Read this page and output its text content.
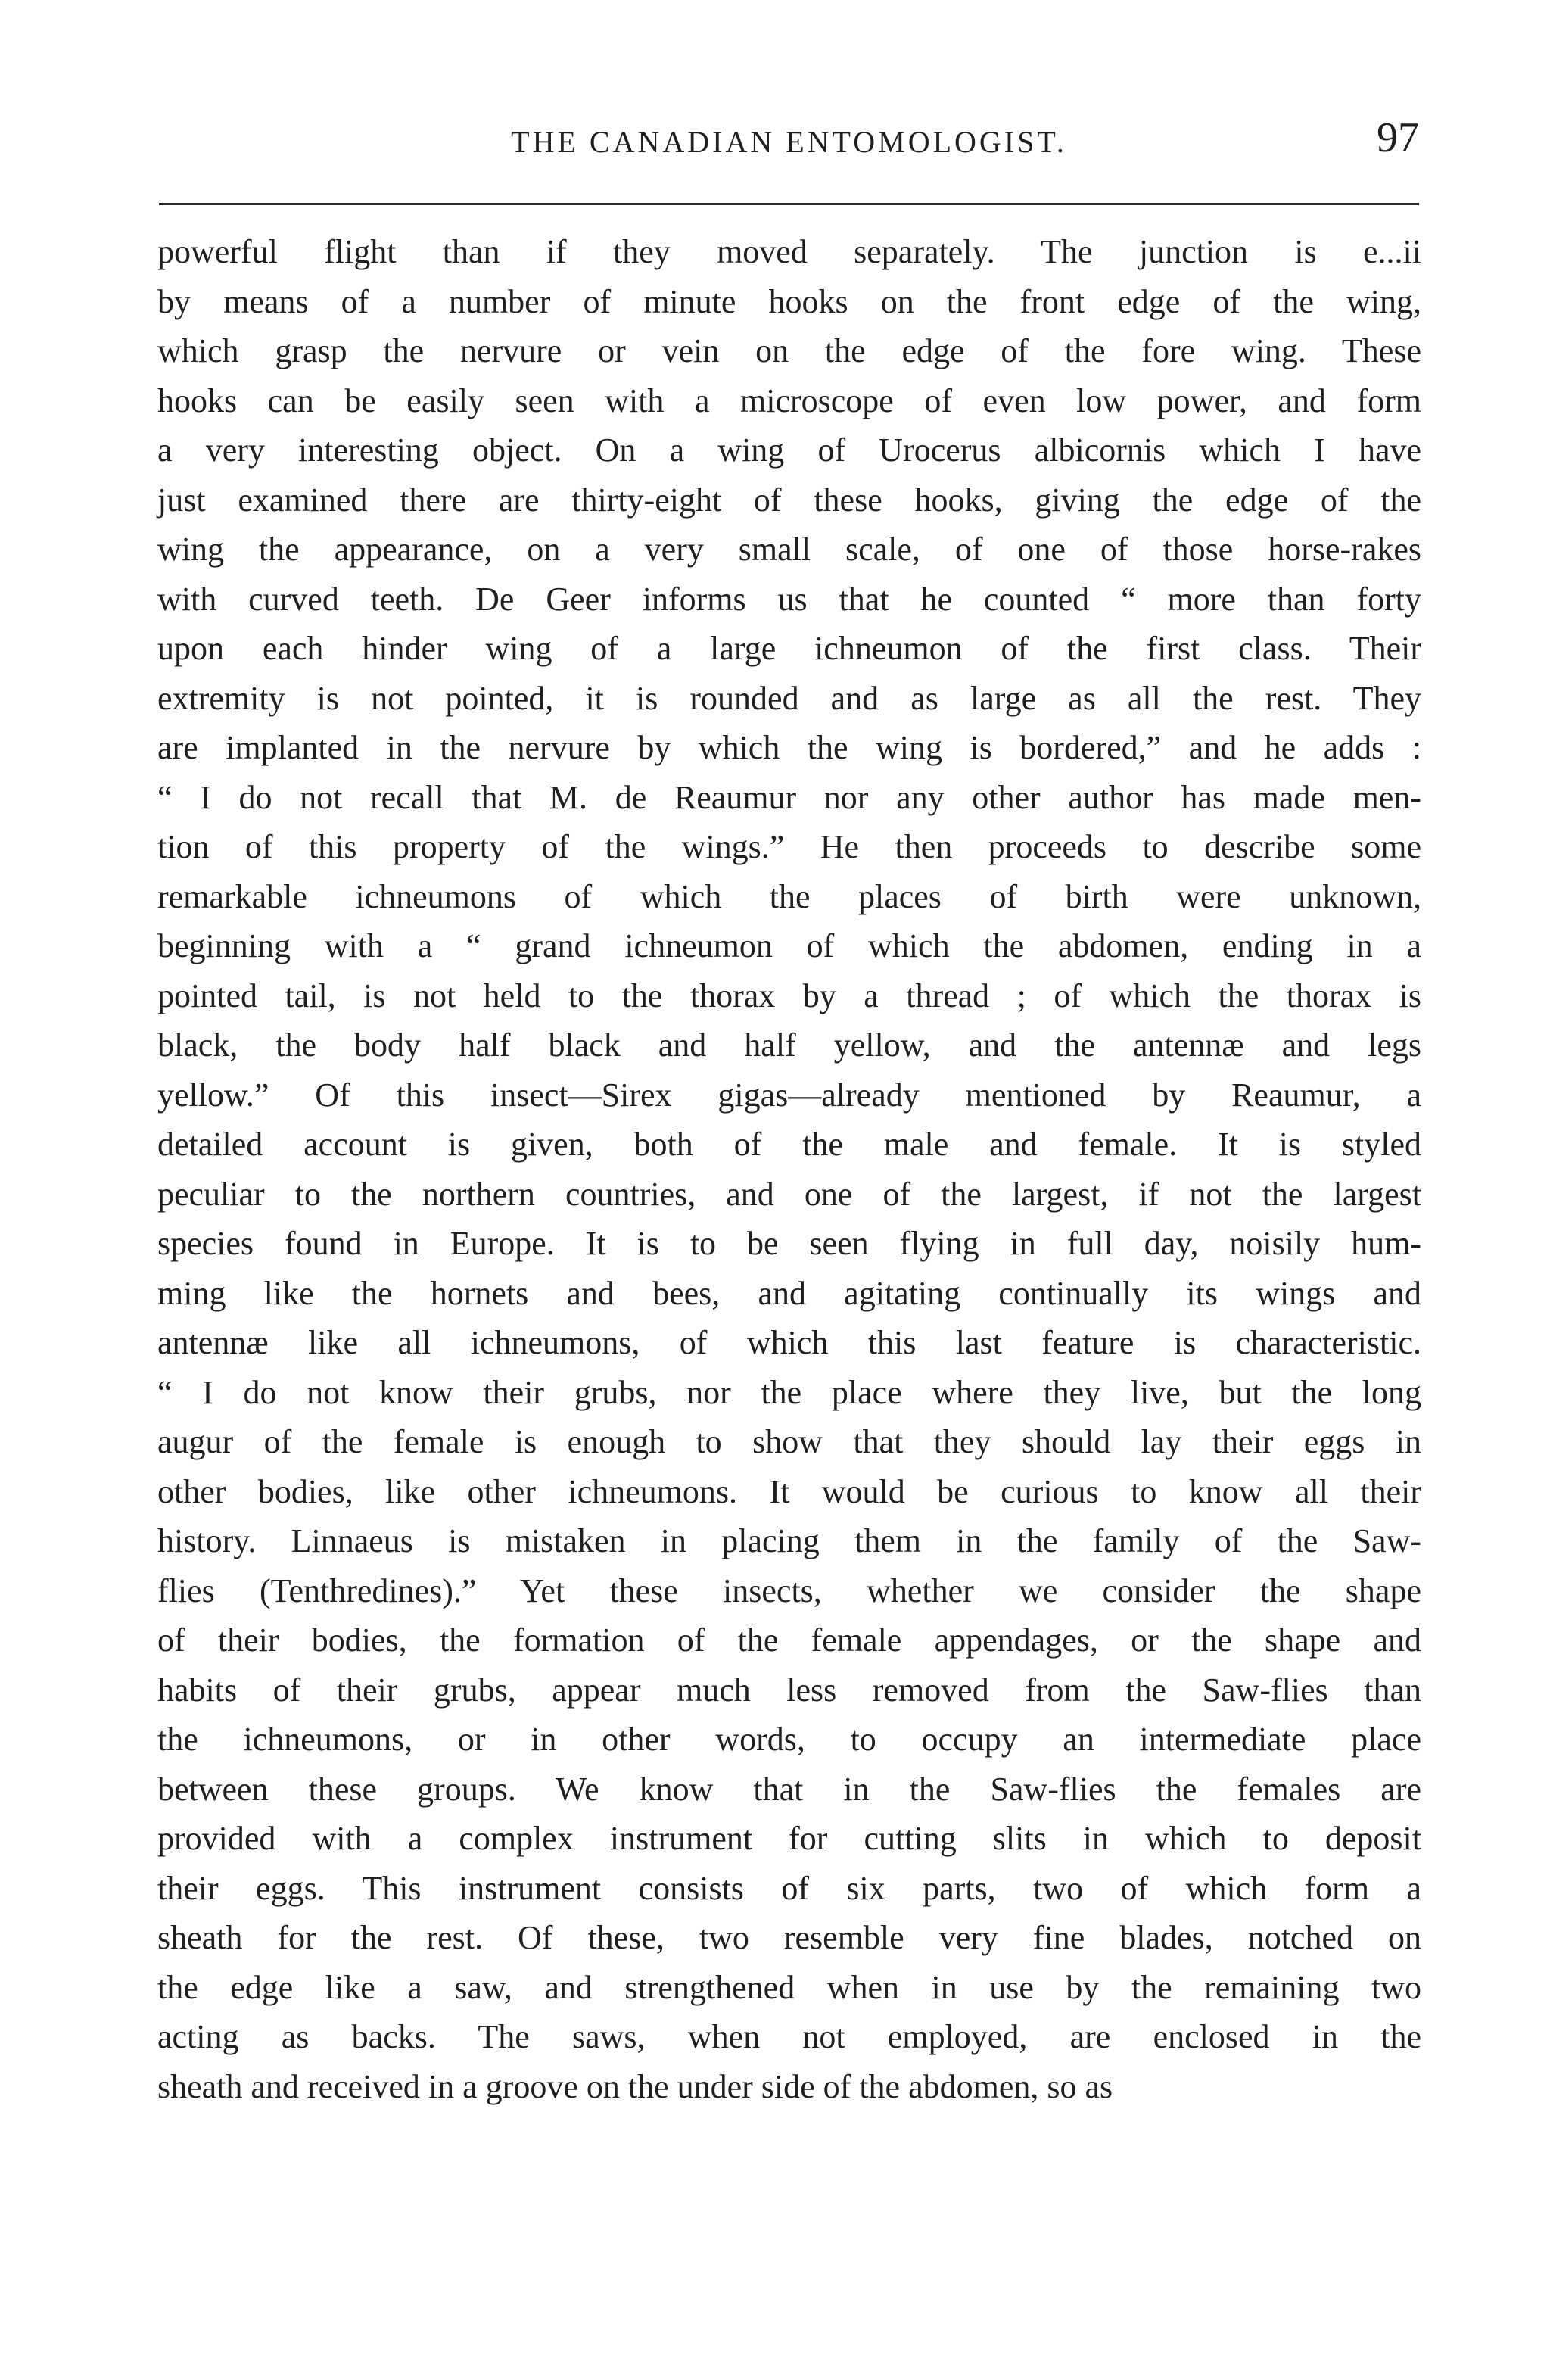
THE CANADIAN ENTOMOLOGIST.	97
powerful flight than if they moved separately. The junction is e...ii
by means of a number of minute hooks on the front edge of the wing,
which grasp the nervure or vein on the edge of the fore wing. These
hooks can be easily seen with a microscope of even low power, and form
a very interesting object. On a wing of Urocerus albicornis which I have
just examined there are thirty-eight of these hooks, giving the edge of the
wing the appearance, on a very small scale, of one of those horse-rakes
with curved teeth. De Geer informs us that he counted “ more than forty
upon each hinder wing of a large ichneumon of the first class. Their
extremity is not pointed, it is rounded and as large as all the rest. They
are implanted in the nervure by which the wing is bordered,” and he adds :
“ I do not recall that M. de Reaumur nor any other author has made men-
tion of this property of the wings.” He then proceeds to describe some
remarkable ichneumons of which the places of birth were unknown,
beginning with a “ grand ichneumon of which the abdomen, ending in a
pointed tail, is not held to the thorax by a thread ; of which the thorax is
black, the body half black and half yellow, and the antennæ and legs
yellow.” Of this insect—Sirex gigas—already mentioned by Reaumur, a
detailed account is given, both of the male and female. It is styled
peculiar to the northern countries, and one of the largest, if not the largest
species found in Europe. It is to be seen flying in full day, noisily hum-
ming like the hornets and bees, and agitating continually its wings and
antennæ like all ichneumons, of which this last feature is characteristic.
“ I do not know their grubs, nor the place where they live, but the long
augur of the female is enough to show that they should lay their eggs in
other bodies, like other ichneumons. It would be curious to know all their
history. Linnaeus is mistaken in placing them in the family of the Saw-
flies (Tenthredines).” Yet these insects, whether we consider the shape
of their bodies, the formation of the female appendages, or the shape and
habits of their grubs, appear much less removed from the Saw-flies than
the ichneumons, or in other words, to occupy an intermediate place
between these groups. We know that in the Saw-flies the females are
provided with a complex instrument for cutting slits in which to deposit
their eggs. This instrument consists of six parts, two of which form a
sheath for the rest. Of these, two resemble very fine blades, notched on
the edge like a saw, and strengthened when in use by the remaining two
acting as backs. The saws, when not employed, are enclosed in the
sheath and received in a groove on the under side of the abdomen, so as
